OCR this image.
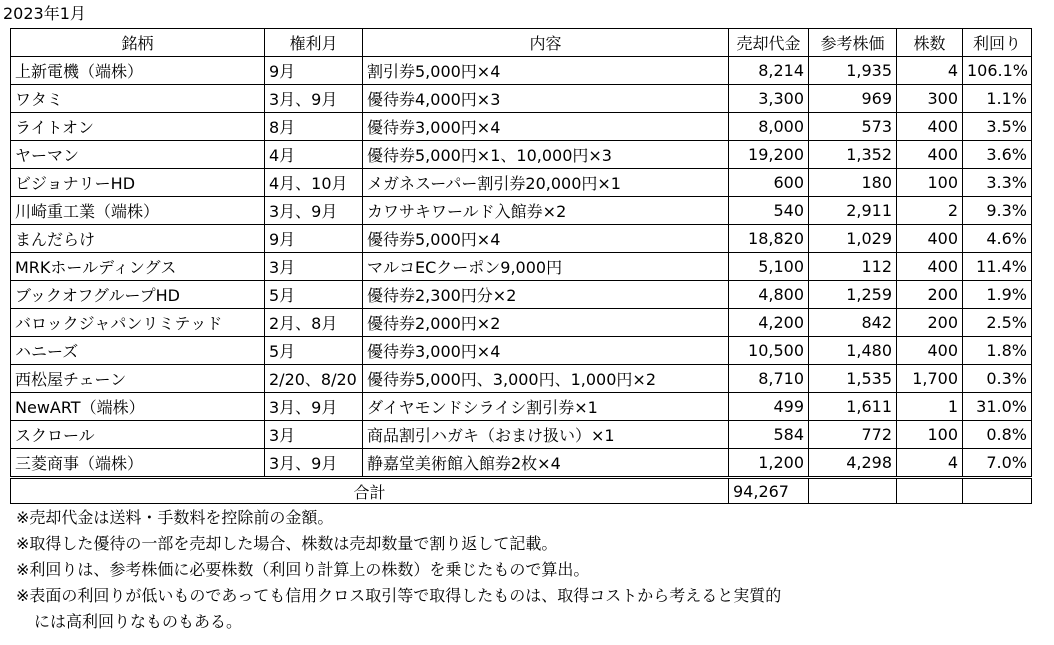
2023年1月
銘柄	権利月	内容	売却代金	参考株価	株数	利回り
上新電機（端株）	9月	割引券5,000円×4	8,214	1,935	4	106.1%
ワタミ	3月、9月	優待券4,000円×3	3,300	969	300	1.1%
ライトオン	8月	優待券3,000円×4	8,000	573	400	3.5%
ヤーマン	4月	優待券5,000円×1、10,000円×3	19,200	1,352	400	3.6%
ビジョナリーHD	4月、10月	メガネスーパー割引券20,000円×1	600	180	100	3.3%
川崎重工業（端株）	3月、9月	カワサキワールド入館券×2	540	2,911	2	9.3%
まんだらけ	9月	優待券5,000円×4	18,820	1,029	400	4.6%
MRKホールディングス	3月	マルコECクーポン9,000円	5,100	112	400	11.4%
ブックオフグループHD	5月	優待券2,300円分×2	4,800	1,259	200	1.9%
バロックジャパンリミテッド	2月、8月	優待券2,000円×2	4,200	842	200	2.5%
ハニーズ	5月	優待券3,000円×4	10,500	1,480	400	1.8%
西松屋チェーン	2/20、8/20	優待券5,000円、3,000円、1,000円×2	8,710	1,535	1,700	0.3%
NewART（端株）	3月、9月	ダイヤモンドシライシ割引券×1	499	1,611	1	31.0%
スクロール	3月	商品割引ハガキ（おまけ扱い）×1	584	772	100	0.8%
三菱商事（端株）	3月、9月	静嘉堂美術館入館券2枚×4	1,200	4,298	4	7.0%
合計			94,267			
※売却代金は送料・手数料を控除前の金額。
※取得した優待の一部を売却した場合、株数は売却数量で割り返して記載。
※利回りは、参考株価に必要株数（利回り計算上の株数）を乗じたもので算出。
※表面の利回りが低いものであっても信用クロス取引等で取得したものは、取得コストから考えると実質的
には高利回りなものもある。
